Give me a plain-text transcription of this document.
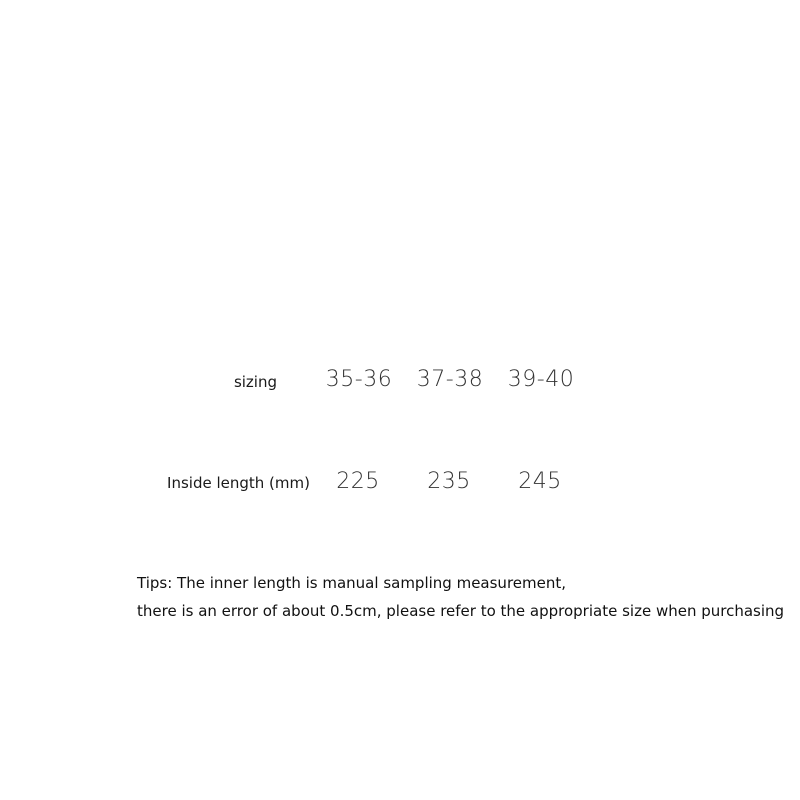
sizing	35-36	37-38	39-40
Inside length (mm)	225	235	245
Tips: The inner length is manual sampling measurement,
there is an error of about 0.5cm, please refer to the appropriate size when purchasing
